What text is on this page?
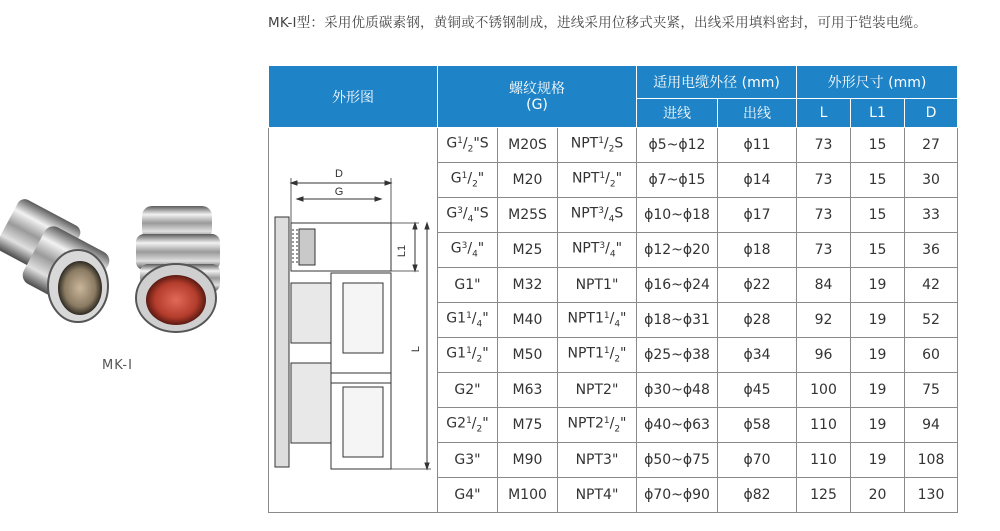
MK-Ⅰ型：采用优质碳素钢，黄铜或不锈钢制成，进线采用位移式夹紧，出线采用填料密封，可用于铠装电缆。
MK-Ⅰ
外形图	螺纹规格
(G)			适用电缆外径 (mm)		外形尺寸 (mm)		
				进线	出线	L	L1	D

D
G
L1
L	$G^1/_2"S$	M20S	$NPT^1/_2S$	ϕ5~ϕ12	ϕ11	73	15	27
	$G^1/_2$"	M20	$NPT^1/_2$"	ϕ7~ϕ15	ϕ14	73	15	30
	$G^3/_4"S$	M25S	$NPT^3/_4S$	ϕ10~ϕ18	ϕ17	73	15	33
	$G^3/_4$"	M25	$NPT^3/_4$"	ϕ12~ϕ20	ϕ18	73	15	36
	G1"	M32	NPT1"	ϕ16~ϕ24	ϕ22	84	19	42
	$G1^1/_4$"	M40	$NPT1^1/_4$"	ϕ18~ϕ31	ϕ28	92	19	52
	$G1^1/_2$"	M50	$NPT1^1/_2$"	ϕ25~ϕ38	ϕ34	96	19	60
	G2"	M63	NPT2"	ϕ30~ϕ48	ϕ45	100	19	75
	$G2^1/_2$"	M75	$NPT2^1/_2$"	ϕ40~ϕ63	ϕ58	110	19	94
	G3"	M90	NPT3"	ϕ50~ϕ75	ϕ70	110	19	108
	G4"	M100	NPT4"	ϕ70~ϕ90	ϕ82	125	20	130
